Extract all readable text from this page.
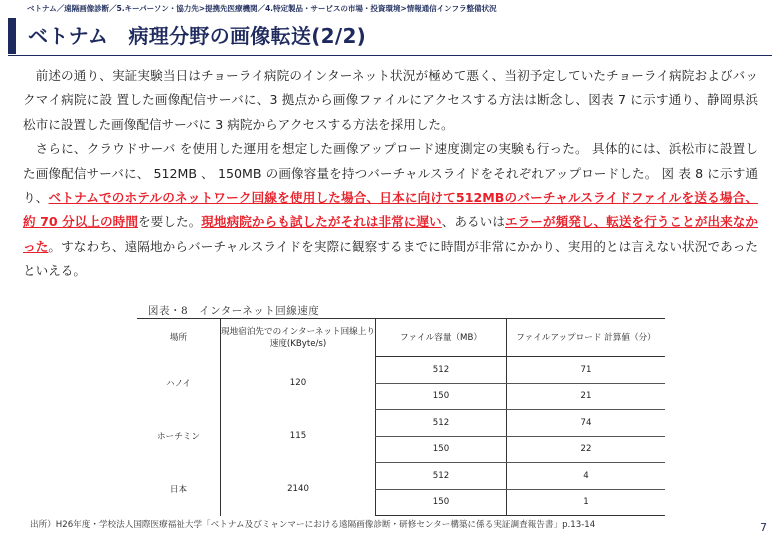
ベトナム／遠隔画像診断／5.キーパーソン・協力先>提携先医療機関／4.特定製品・サービスの市場・投資環境>情報通信インフラ整備状況
ベトナム　病理分野の画像転送(2/2)

前述の通り、実証実験当日はチョーライ病院のインターネット状況が極めて悪く、当初予定していたチョーライ病院およびバックマイ病院に設 置した画像配信サーバに、3 拠点から画像ファイルにアクセスする方法は断念し、図表 7 に示す通り、静岡県浜松市に設置した画像配信サーバに 3 病院からアクセスする方法を採用した。

さらに、クラウドサーバ を使用した運用を想定した画像アップロード速度測定の実験も行った。 具体的には、浜松市に設置した画像配信サーバに、 512MB 、 150MB の画像容量を持つバーチャルスライドをそれぞれアップロードした。 図 表 8 に示す通り、ベトナムでのホテルのネットワーク回線を使用した場合、日本に向けて512MBのバーチャルスライドファイルを送る場合、約 70 分以上の時間を要した。現地病院からも試したがそれは非常に遅い、あるいはエラーが頻発し、転送を行うことが出来なかった。すなわち、遠隔地からバーチャルスライドを実際に観察するまでに時間が非常にかかり、実用的とは言えない状況であったといえる。

図表・8　インターネット回線速度
場所	現地宿泊先でのインターネット回線上り速度(KByte/s)	ファイル容量（MB）	ファイルアップロード 計算値（分）
ハノイ	120	512	71
		150	21
ホーチミン	115	512	74
		150	22
日本	2140	512	4
		150	1
出所）H26年度・学校法人国際医療福祉大学「ベトナム及びミャンマーにおける遠隔画像診断・研修センター構築に係る実証調査報告書」p.13-14	7
